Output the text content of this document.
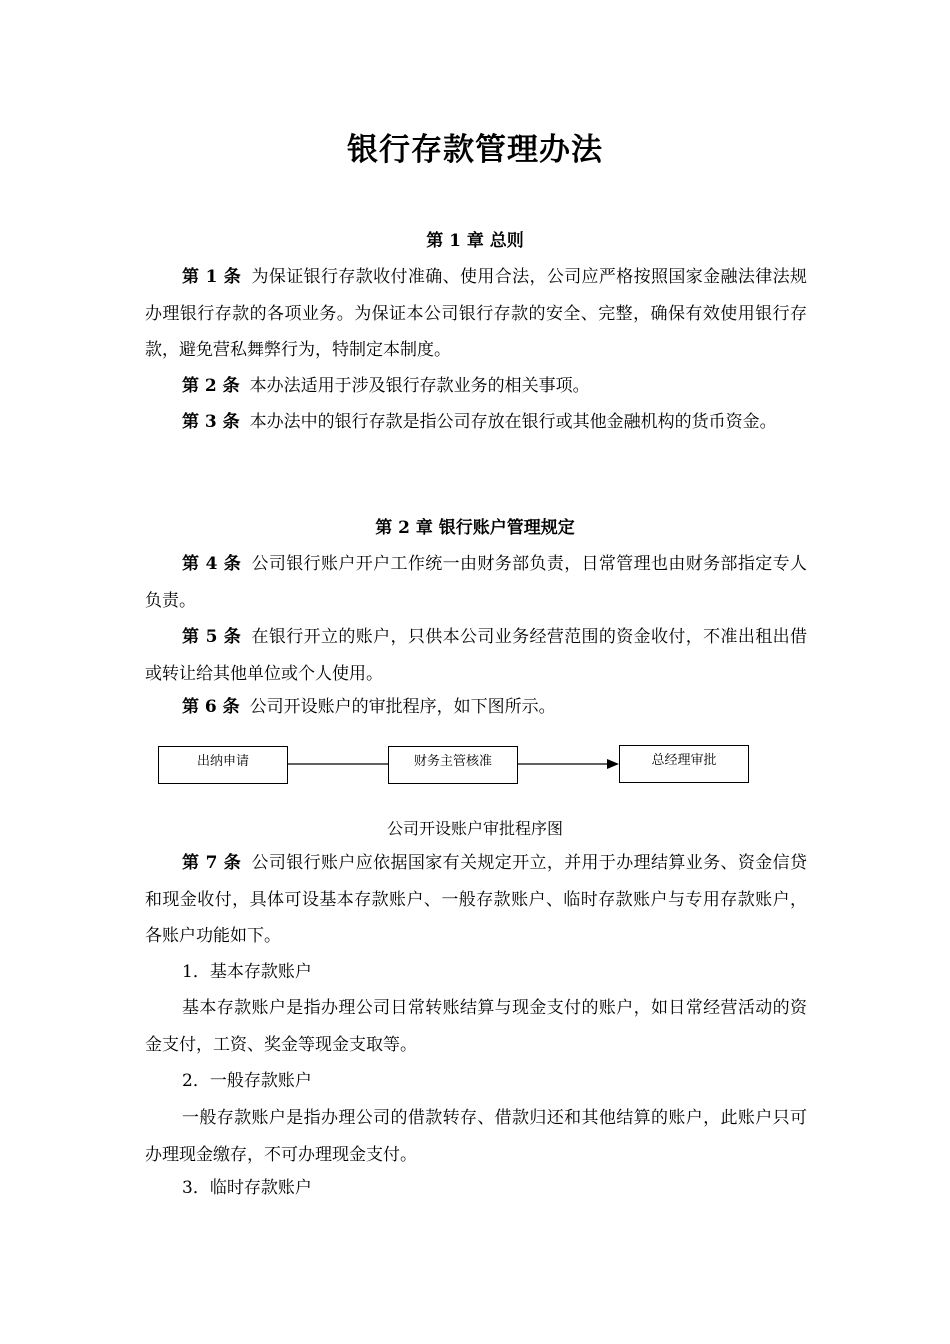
银行存款管理办法
第 1 章 总则

第 1 条 为保证银行存款收付准确、使用合法，公司应严格按照国家金融法律法规办理银行存款的各项业务。为保证本公司银行存款的安全、完整，确保有效使用银行存款，避免营私舞弊行为，特制定本制度。

第 2 条 本办法适用于涉及银行存款业务的相关事项。

第 3 条 本办法中的银行存款是指公司存放在银行或其他金融机构的货币资金。

第 2 章 银行账户管理规定

第 4 条 公司银行账户开户工作统一由财务部负责，日常管理也由财务部指定专人负责。

第 5 条 在银行开立的账户，只供本公司业务经营范围的资金收付，不准出租出借或转让给其他单位或个人使用。

第 6 条 公司开设账户的审批程序，如下图所示。

出纳申请	财务主管核准	总经理审批
公司开设账户审批程序图

第 7 条 公司银行账户应依据国家有关规定开立，并用于办理结算业务、资金信贷和现金收付，具体可设基本存款账户、一般存款账户、临时存款账户与专用存款账户，各账户功能如下。

1．基本存款账户

基本存款账户是指办理公司日常转账结算与现金支付的账户，如日常经营活动的资金支付，工资、奖金等现金支取等。

2．一般存款账户

一般存款账户是指办理公司的借款转存、借款归还和其他结算的账户，此账户只可办理现金缴存，不可办理现金支付。

3．临时存款账户
